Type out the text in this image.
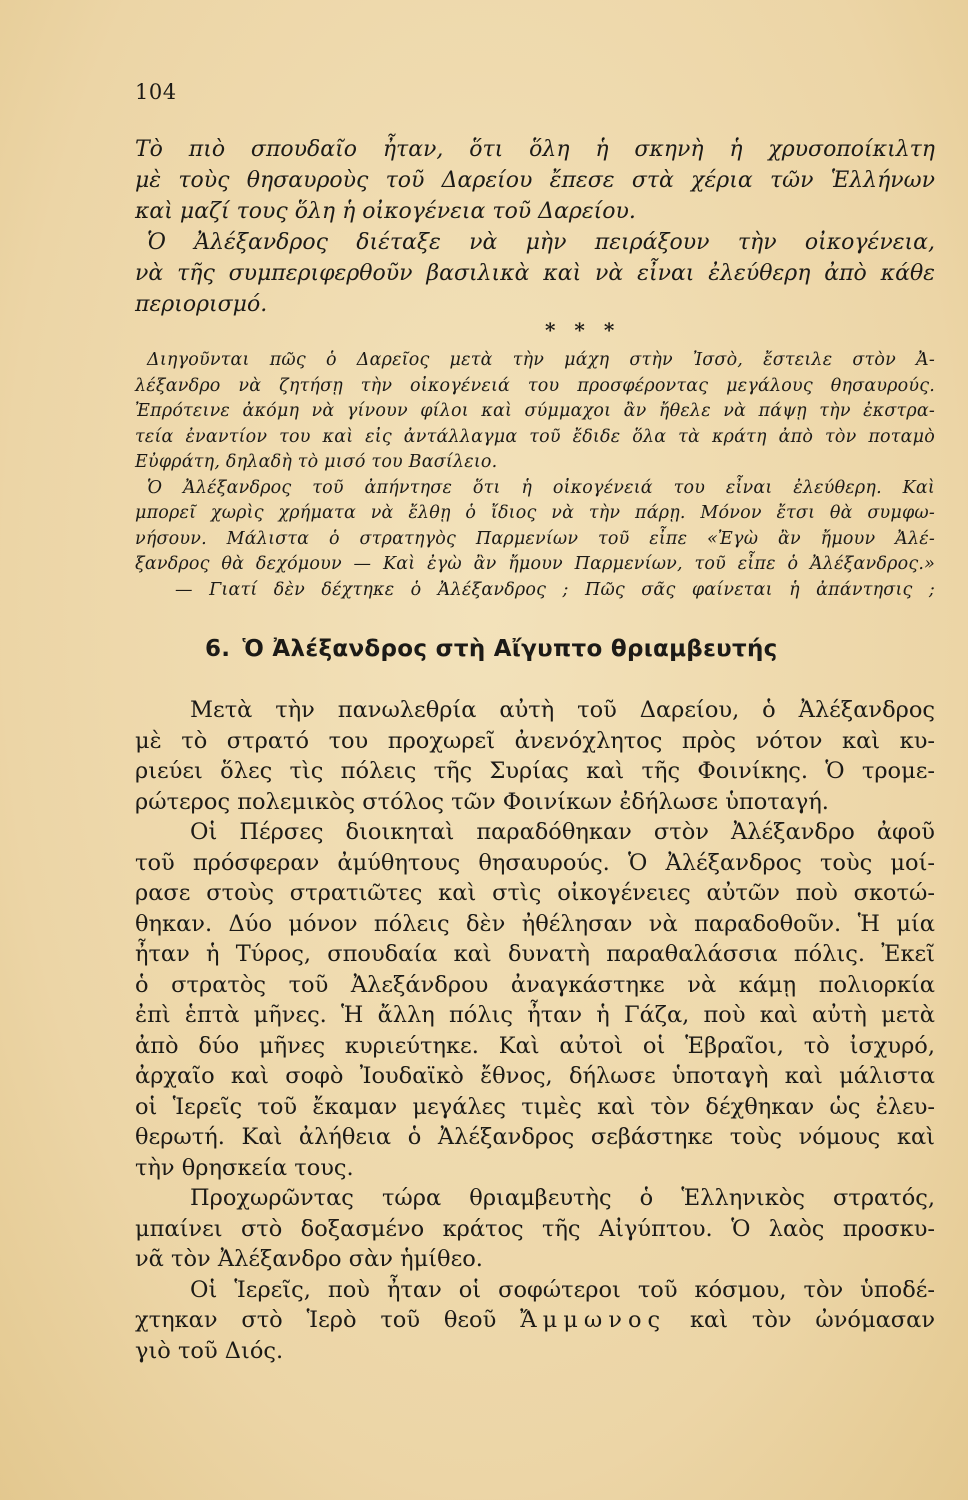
104
Τὸ πιὸ σπουδαῖο ἦταν, ὅτι ὅλη ἡ σκηνὴ ἡ χρυσοποίκιλτη
μὲ τοὺς θησαυροὺς τοῦ Δαρείου ἔπεσε στὰ χέρια τῶν Ἑλλήνων
καὶ μαζί τους ὅλη ἡ οἰκογένεια τοῦ Δαρείου.
Ὁ Ἀλέξανδρος διέταξε νὰ μὴν πειράξουν τὴν οἰκογένεια,
νὰ τῆς συμπεριφερθοῦν βασιλικὰ καὶ νὰ εἶναι ἐλεύθερη ἀπὸ κάθε
περιορισμό.
* * *
Διηγοῦνται πῶς ὁ Δαρεῖος μετὰ τὴν μάχη στὴν Ἰσσὸ, ἔστειλε στὸν Ἀ-
λέξανδρο νὰ ζητήσῃ τὴν οἰκογένειά του προσφέροντας μεγάλους θησαυρούς.
Ἐπρότεινε ἀκόμη νὰ γίνουν φίλοι καὶ σύμμαχοι ἂν ἤθελε νὰ πάψῃ τὴν ἐκστρα-
τεία ἐναντίον του καὶ εἰς ἀντάλλαγμα τοῦ ἔδιδε ὅλα τὰ κράτη ἀπὸ τὸν ποταμὸ
Εὐφράτη, δηλαδὴ τὸ μισό του Βασίλειο.
Ὁ Ἀλέξανδρος τοῦ ἀπήντησε ὅτι ἡ οἰκογένειά του εἶναι ἐλεύθερη. Καὶ
μπορεῖ χωρὶς χρήματα νὰ ἔλθῃ ὁ ἴδιος νὰ τὴν πάρῃ. Μόνον ἔτσι θὰ συμφω-
νήσουν. Μάλιστα ὁ στρατηγὸς Παρμενίων τοῦ εἶπε «Ἐγὼ ἂν ἤμουν Ἀλέ-
ξανδρος θὰ δεχόμουν — Καὶ ἐγὼ ἂν ἤμουν Παρμενίων, τοῦ εἶπε ὁ Ἀλέξανδρος.»
— Γιατί δὲν δέχτηκε ὁ Ἀλέξανδρος ; Πῶς σᾶς φαίνεται ἡ ἀπάντησις ;
6. Ὁ Ἀλέξανδρος στὴ Αἴγυπτο θριαμβευτής
Μετὰ τὴν πανωλεθρία αὐτὴ τοῦ Δαρείου, ὁ Ἀλέξανδρος
μὲ τὸ στρατό του προχωρεῖ ἀνενόχλητος πρὸς νότον καὶ κυ-
ριεύει ὅλες τὶς πόλεις τῆς Συρίας καὶ τῆς Φοινίκης. Ὁ τρομε-
ρώτερος πολεμικὸς στόλος τῶν Φοινίκων ἐδήλωσε ὑποταγή.
Οἱ Πέρσες διοικηταὶ παραδόθηκαν στὸν Ἀλέξανδρο ἀφοῦ
τοῦ πρόσφεραν ἀμύθητους θησαυρούς. Ὁ Ἀλέξανδρος τοὺς μοί-
ρασε στοὺς στρατιῶτες καὶ στὶς οἰκογένειες αὐτῶν ποὺ σκοτώ-
θηκαν. Δύο μόνον πόλεις δὲν ἠθέλησαν νὰ παραδοθοῦν. Ἡ μία
ἦταν ἡ Τύρος, σπουδαία καὶ δυνατὴ παραθαλάσσια πόλις. Ἐκεῖ
ὁ στρατὸς τοῦ Ἀλεξάνδρου ἀναγκάστηκε νὰ κάμῃ πολιορκία
ἐπὶ ἑπτὰ μῆνες. Ἡ ἄλλη πόλις ἦταν ἡ Γάζα, ποὺ καὶ αὐτὴ μετὰ
ἀπὸ δύο μῆνες κυριεύτηκε. Καὶ αὐτοὶ οἱ Ἑβραῖοι, τὸ ἰσχυρό,
ἀρχαῖο καὶ σοφὸ Ἰουδαϊκὸ ἔθνος, δήλωσε ὑποταγὴ καὶ μάλιστα
οἱ Ἱερεῖς τοῦ ἔκαμαν μεγάλες τιμὲς καὶ τὸν δέχθηκαν ὡς ἐλευ-
θερωτή. Καὶ ἀλήθεια ὁ Ἀλέξανδρος σεβάστηκε τοὺς νόμους καὶ
τὴν θρησκεία τους.
Προχωρῶντας τώρα θριαμβευτὴς ὁ Ἑλληνικὸς στρατός,
μπαίνει στὸ δοξασμένο κράτος τῆς Αἰγύπτου. Ὁ λαὸς προσκυ-
νᾶ τὸν Ἀλέξανδρο σὰν ἡμίθεο.
Οἱ Ἱερεῖς, ποὺ ἦταν οἱ σοφώτεροι τοῦ κόσμου, τὸν ὑποδέ-
χτηκαν στὸ Ἱερὸ τοῦ θεοῦ Ἄμμωνος καὶ τὸν ὠνόμασαν
γιὸ τοῦ Διός.
